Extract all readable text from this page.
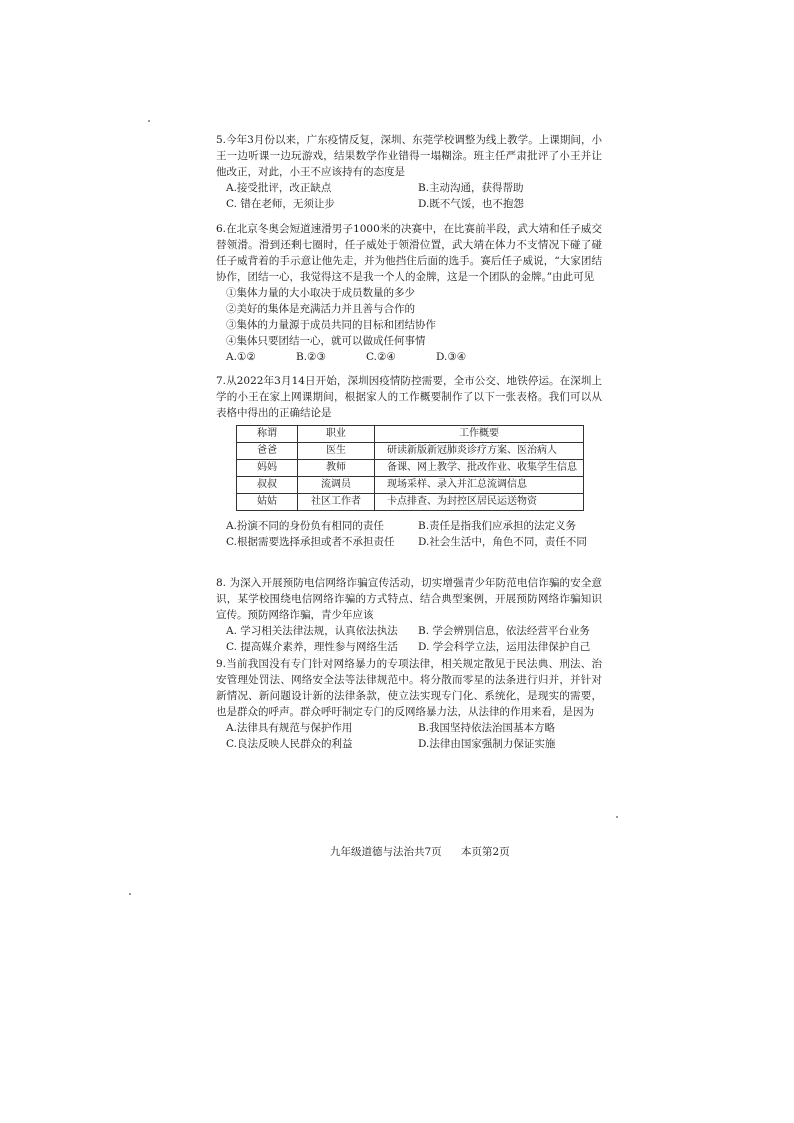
5.今年3月份以来，广东疫情反复，深圳、东莞学校调整为线上教学。上课期间，小王一边听课一边玩游戏，结果数学作业错得一塌糊涂。班主任严肃批评了小王并让他改正，对此，小王不应该持有的态度是

A.接受批评，改正缺点	B.主动沟通，获得帮助
C. 错在老师，无须让步	D.既不气馁，也不抱怨

6.在北京冬奥会短道速滑男子1000米的决赛中，在比赛前半段，武大靖和任子威交替领滑。滑到还剩七圈时，任子威处于领滑位置，武大靖在体力不支情况下碰了碰任子威背着的手示意让他先走，并为他挡住后面的选手。赛后任子威说，“大家团结协作，团结一心，我觉得这不是我一个人的金牌，这是一个团队的金牌。”由此可见

①集体力量的大小取决于成员数量的多少
②美好的集体是充满活力并且善与合作的
③集体的力量源于成员共同的目标和团结协作
④集体只要团结一心，就可以做成任何事情
A.①②	B.②③	C.②④	D.③④

7.从2022年3月14日开始，深圳因疫情防控需要，全市公交、地铁停运。在深圳上学的小王在家上网课期间，根据家人的工作概要制作了以下一张表格。我们可以从表格中得出的正确结论是

称谓	职业	工作概要
爸爸	医生	研读新版新冠肺炎诊疗方案、医治病人
妈妈	教师	备课、网上教学、批改作业、收集学生信息
叔叔	流调员	现场采样、录入并汇总流调信息
姑姑	社区工作者	卡点排查、为封控区居民运送物资
A.扮演不同的身份负有相同的责任	B.责任是指我们应承担的法定义务
C.根据需要选择承担或者不承担责任	D.社会生活中，角色不同，责任不同

8. 为深入开展预防电信网络诈骗宣传活动，切实增强青少年防范电信诈骗的安全意识，某学校围绕电信网络诈骗的方式特点、结合典型案例，开展预防网络诈骗知识宣传。预防网络诈骗，青少年应该

A. 学习相关法律法规，认真依法执法	B. 学会辨别信息，依法经营平台业务
C. 提高媒介素养，理性参与网络生活	D. 学会科学立法，运用法律保护自己

9.当前我国没有专门针对网络暴力的专项法律，相关规定散见于民法典、刑法、治安管理处罚法、网络安全法等法律规范中。将分散而零星的法条进行归并，并针对新情况、新问题设计新的法律条款，使立法实现专门化、系统化，是现实的需要，也是群众的呼声。群众呼吁制定专门的反网络暴力法，从法律的作用来看，是因为

A.法律具有规范与保护作用	B.我国坚持依法治国基本方略
C.良法反映人民群众的利益	D.法律由国家强制力保证实施
九年级道德与法治共7页 本页第2页
